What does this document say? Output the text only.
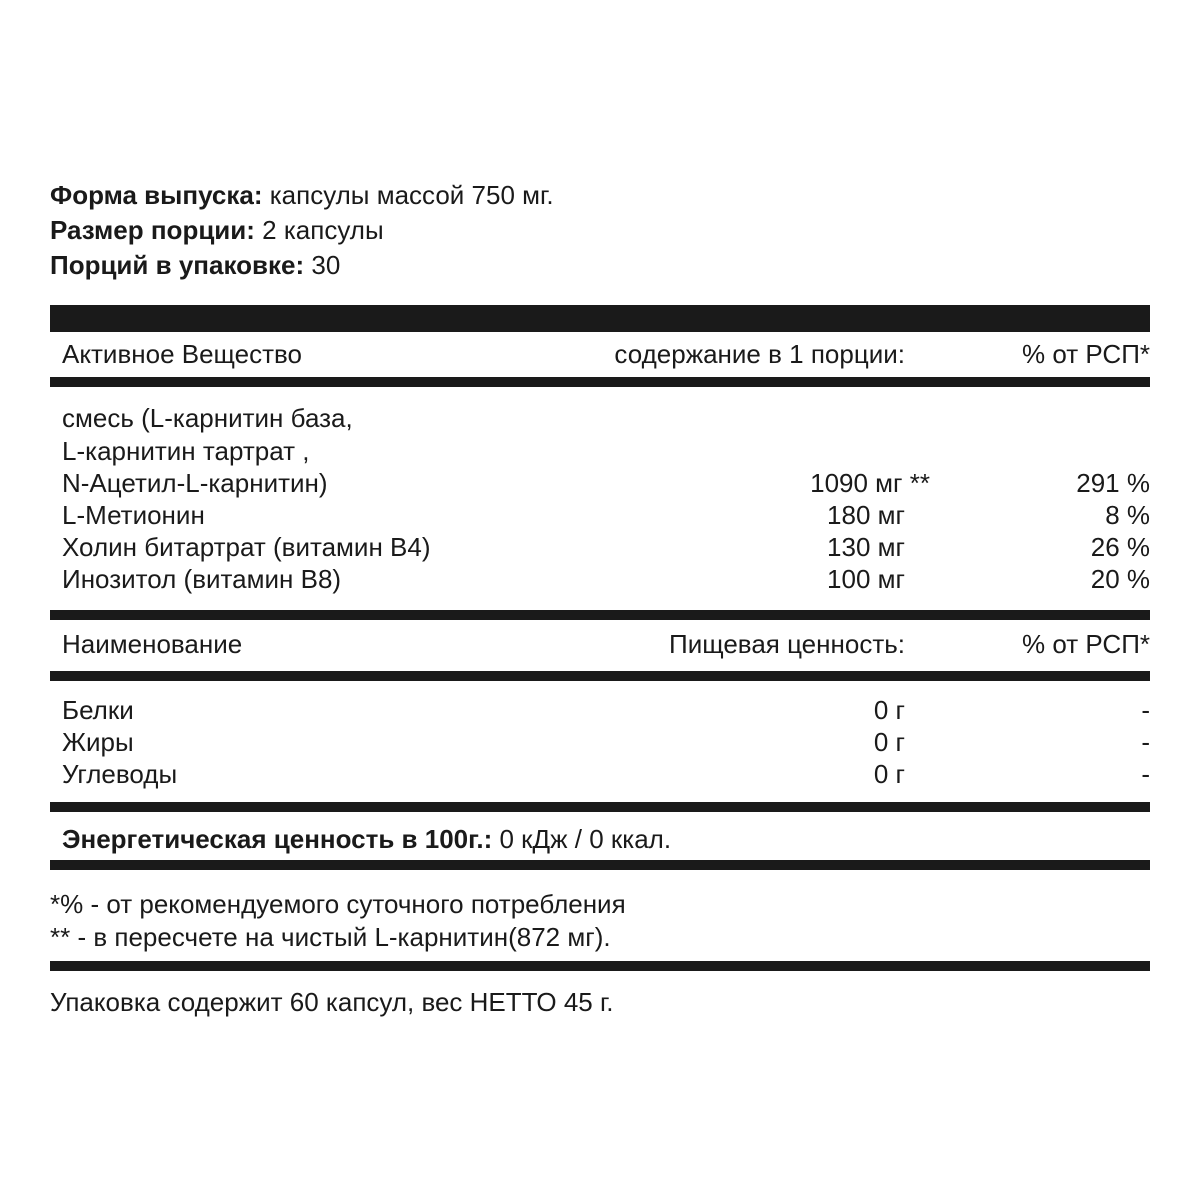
Форма выпуска: капсулы массой 750 мг.
Размер порции: 2 капсулы
Порций в упаковке: 30
Активное Вещество	содержание в 1 порции:	% от РСП*
смесь (L-карнитин база,
L-карнитин тартрат ,
N-Ацетил-L-карнитин)	1090 мг **	291 %
L-Метионин	180 мг	8 %
Холин битартрат (витамин В4)	130 мг	26 %
Инозитол (витамин В8)	100 мг	20 %
Наименование	Пищевая ценность:	% от РСП*
Белки	0 г	-
Жиры	0 г	-
Углеводы	0 г	-
Энергетическая ценность в 100г.: 0 кДж / 0 ккал.
*% - от рекомендуемого суточного потребления
** - в пересчете на чистый L-карнитин(872 мг).
Упаковка содержит 60 капсул, вес НЕТТО 45 г.
